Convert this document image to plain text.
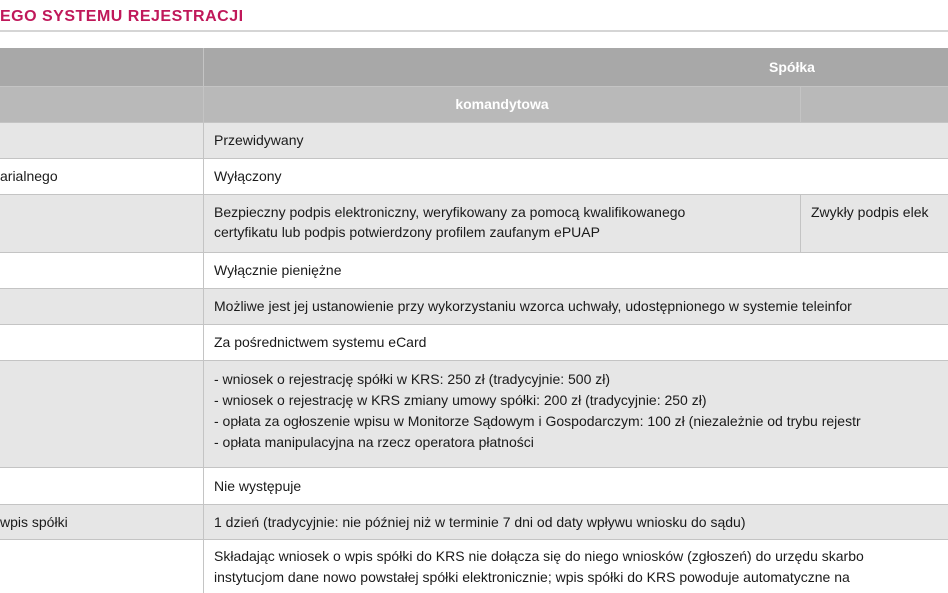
EGO SYSTEMU REJESTRACJI
Spółka
komandytowa
Przewidywany
arialnego	Wyłączony
Bezpieczny podpis elektroniczny, weryfikowany za pomocą kwalifikowanego
certyfikatu lub podpis potwierdzony profilem zaufanym ePUAP
Zwykły podpis elek
Wyłącznie pieniężne
Możliwe jest jej ustanowienie przy wykorzystaniu wzorca uchwały, udostępnionego w systemie teleinfor
Za pośrednictwem systemu eCard
- wniosek o rejestrację spółki w KRS: 250 zł (tradycyjnie: 500 zł)
- wniosek o rejestrację w KRS zmiany umowy spółki: 200 zł (tradycyjnie: 250 zł)
- opłata za ogłoszenie wpisu w Monitorze Sądowym i Gospodarczym: 100 zł (niezależnie od trybu rejestr
- opłata manipulacyjna na rzecz operatora płatności
Nie występuje
wpis spółki	1 dzień (tradycyjnie: nie później niż w terminie 7 dni od daty wpływu wniosku do sądu)
Składając wniosek o wpis spółki do KRS nie dołącza się do niego wniosków (zgłoszeń) do urzędu skarbo
instytucjom dane nowo powstałej spółki elektronicznie; wpis spółki do KRS powoduje automatyczne na
